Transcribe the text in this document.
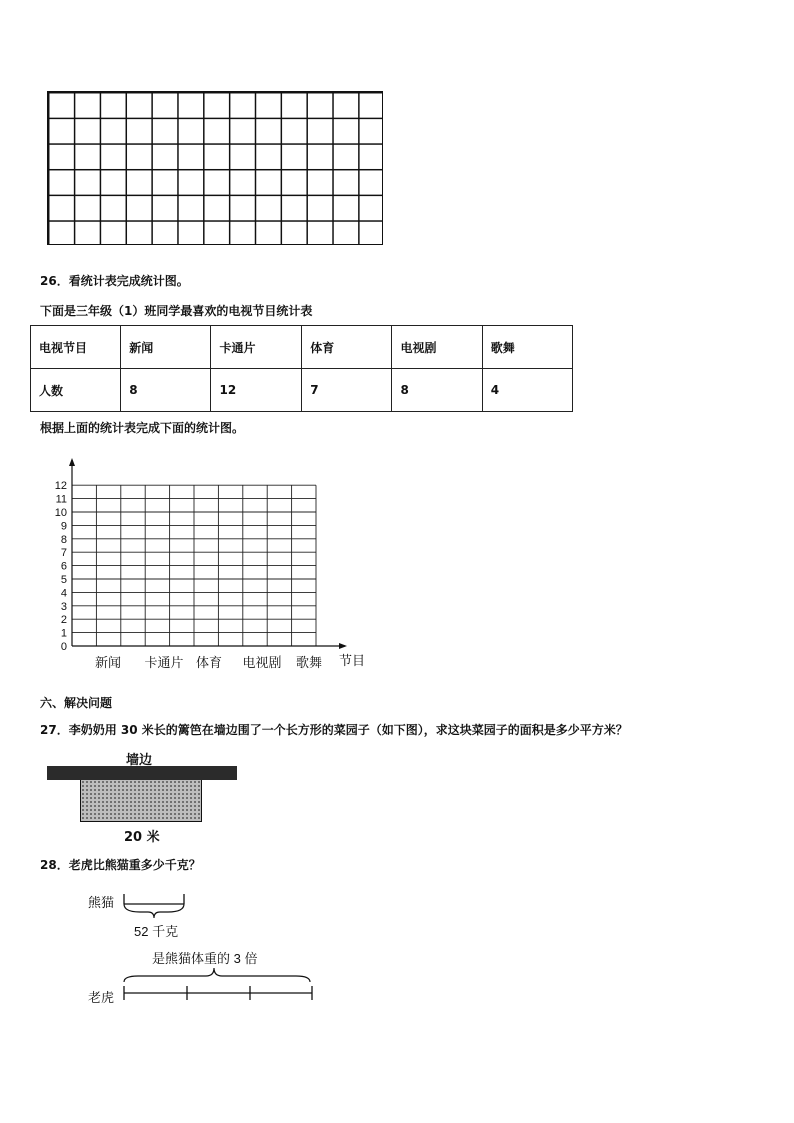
26．看统计表完成统计图。
下面是三年级（1）班同学最喜欢的电视节目统计表
电视节目	新闻	卡通片	体育	电视剧	歌舞
人数	8	12	7	8	4
根据上面的统计表完成下面的统计图。
0
1
2
3
4
5
6
7
8
9
10
11
12
新闻 卡通片 体育 电视剧 歌舞 节目
六、解决问题
27．李奶奶用 30 米长的篱笆在墙边围了一个长方形的菜园子（如下图），求这块菜园子的面积是多少平方米？
墙边
20 米
28．老虎比熊猫重多少千克？
熊猫
52 千克
是熊猫体重的 3 倍
老虎
